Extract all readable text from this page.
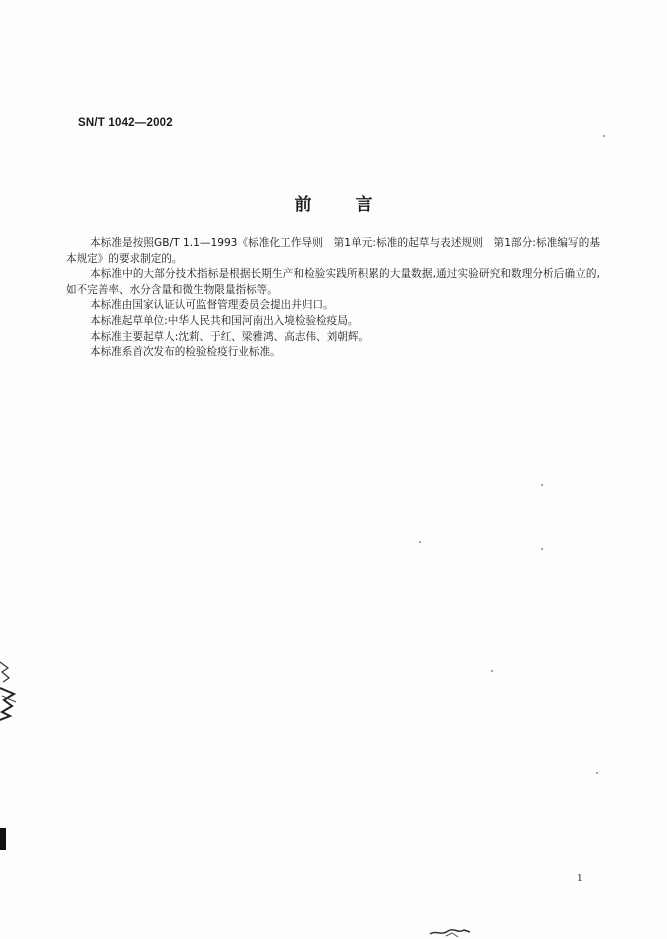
SN/T 1042—2002
前	言

本标准是按照GB/T 1.1—1993《标准化工作导则　第1单元:标准的起草与表述规则　第1部分:标准编写的基本规定》的要求制定的。

本标准中的大部分技术指标是根据长期生产和检验实践所积累的大量数据,通过实验研究和数理分析后确立的,如不完善率、水分含量和微生物限量指标等。

本标准由国家认证认可监督管理委员会提出并归口。

本标准起草单位:中华人民共和国河南出入境检验检疫局。

本标准主要起草人:沈莉、于红、梁雅鸿、高志伟、刘朝辉。

本标准系首次发布的检验检疫行业标准。

1
